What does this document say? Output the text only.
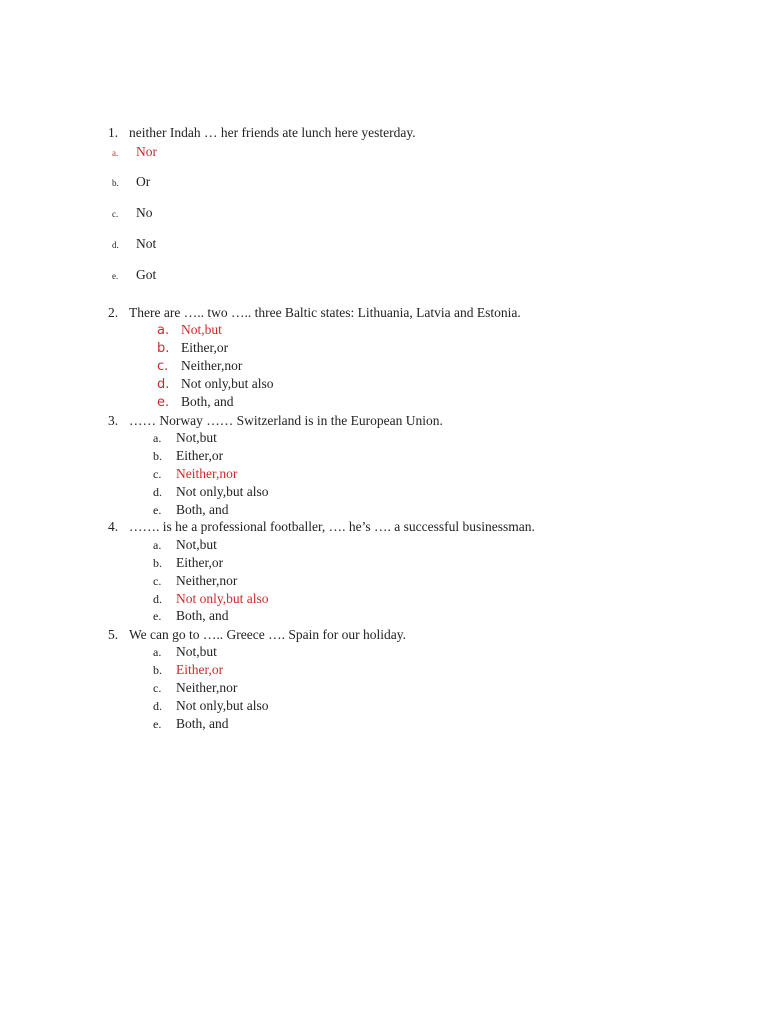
1. neither Indah … her friends ate lunch here yesterday.
a. Nor
b. Or
c. No
d. Not
e. Got
2. There are ….. two ….. three Baltic states: Lithuania, Latvia and Estonia.
a. Not,but
b. Either,or
c. Neither,nor
d. Not only,but also
e. Both, and
3. …… Norway …… Switzerland is in the European Union.
a. Not,but
b. Either,or
c. Neither,nor
d. Not only,but also
e. Both, and
4. ……. is he a professional footballer, …. he’s …. a successful businessman.
a. Not,but
b. Either,or
c. Neither,nor
d. Not only,but also
e. Both, and
5. We can go to ….. Greece …. Spain for our holiday.
a. Not,but
b. Either,or
c. Neither,nor
d. Not only,but also
e. Both, and
